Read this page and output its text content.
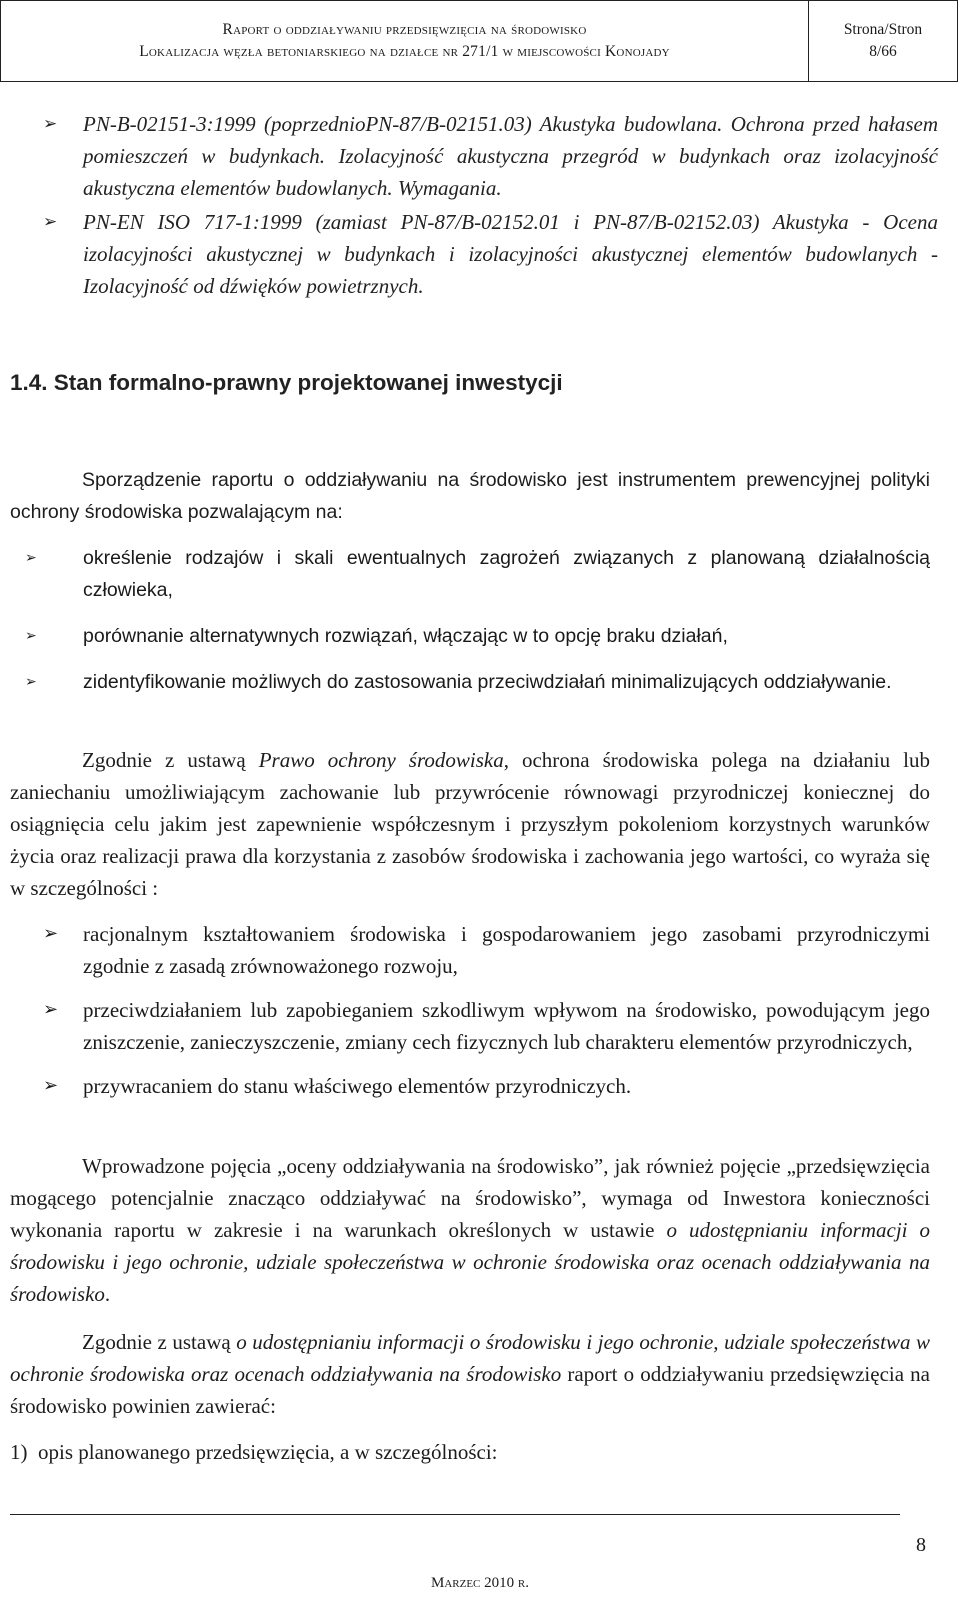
Raport o oddziaływaniu przedsięwzięcia na środowisko
Lokalizacja węzła betoniarskiego na działce nr 271/1 w miejscowości Konojady
Strona/Stron
8/66
➢ PN-B-02151-3:1999 (poprzednioPN-87/B-02151.03) Akustyka budowlana. Ochrona przed hałasem pomieszczeń w budynkach. Izolacyjność akustyczna przegród w budynkach oraz izolacyjność akustyczna elementów budowlanych. Wymagania.
➢ PN-EN ISO 717-1:1999 (zamiast PN-87/B-02152.01 i PN-87/B-02152.03) Akustyka - Ocena izolacyjności akustycznej w budynkach i izolacyjności akustycznej elementów budowlanych - Izolacyjność od dźwięków powietrznych.
1.4. Stan formalno-prawny projektowanej inwestycji
Sporządzenie raportu o oddziaływaniu na środowisko jest instrumentem prewencyjnej polityki ochrony środowiska pozwalającym na:
➢ określenie rodzajów i skali ewentualnych zagrożeń związanych z planowaną działalnością człowieka,
➢ porównanie alternatywnych rozwiązań, włączając w to opcję braku działań,
➢ zidentyfikowanie możliwych do zastosowania przeciwdziałań minimalizujących oddziaływanie.
Zgodnie z ustawą Prawo ochrony środowiska, ochrona środowiska polega na działaniu lub zaniechaniu umożliwiającym zachowanie lub przywrócenie równowagi przyrodniczej koniecznej do osiągnięcia celu jakim jest zapewnienie współczesnym i przyszłym pokoleniom korzystnych warunków życia oraz realizacji prawa dla korzystania z zasobów środowiska i zachowania jego wartości, co wyraża się w szczególności :
➢ racjonalnym kształtowaniem środowiska i gospodarowaniem jego zasobami przyrodniczymi zgodnie z zasadą zrównoważonego rozwoju,
➢ przeciwdziałaniem lub zapobieganiem szkodliwym wpływom na środowisko, powodującym jego zniszczenie, zanieczyszczenie, zmiany cech fizycznych lub charakteru elementów przyrodniczych,
➢ przywracaniem do stanu właściwego elementów przyrodniczych.
Wprowadzone pojęcia „oceny oddziaływania na środowisko”, jak również pojęcie „przedsięwzięcia mogącego potencjalnie znacząco oddziaływać na środowisko”, wymaga od Inwestora konieczności wykonania raportu w zakresie i na warunkach określonych w ustawie o udostępnianiu informacji o środowisku i jego ochronie, udziale społeczeństwa w ochronie środowiska oraz ocenach oddziaływania na środowisko.
Zgodnie z ustawą o udostępnianiu informacji o środowisku i jego ochronie, udziale społeczeństwa w ochronie środowiska oraz ocenach oddziaływania na środowisko raport o oddziaływaniu przedsięwzięcia na środowisko powinien zawierać:
1) opis planowanego przedsięwzięcia, a w szczególności:
8
Marzec 2010 r.
